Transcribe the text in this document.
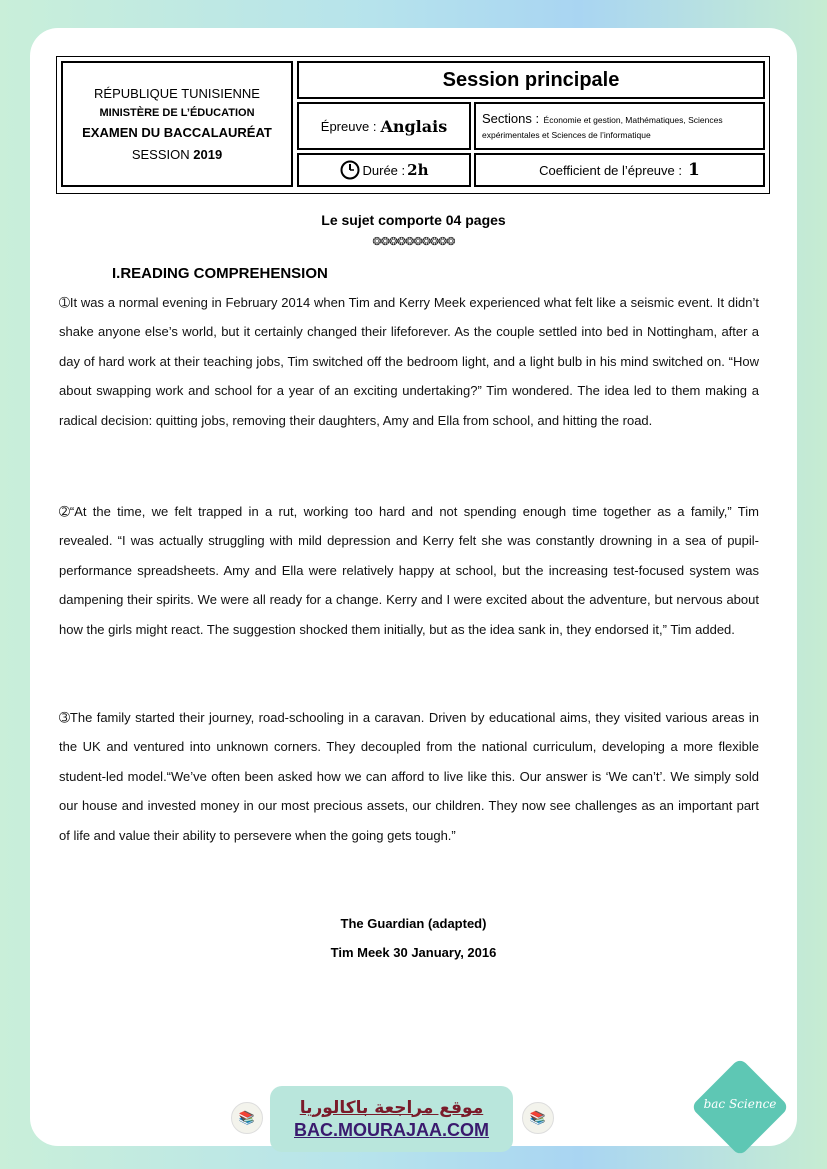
RÉPUBLIQUE TUNISIENNE
MINISTÈRE DE L’ÉDUCATION
EXAMEN DU BACCALAURÉAT
SESSION 2019
Session principale
Épreuve : Anglais	Sections : Économie et gestion, Mathématiques, Sciences expérimentales et Sciences de l’informatique
Durée : 2h	Coefficient de l’épreuve : 1
Le sujet comporte 04 pages
❂❂❂❂❂❂❂❂❂❂
I.READING COMPREHENSION

➀It was a normal evening in February 2014 when Tim and Kerry Meek experienced what felt like a seismic event. It didn’t shake anyone else’s world, but it certainly changed their lifeforever. As the couple settled into bed in Nottingham, after a day of hard work at their teaching jobs, Tim switched off the bedroom light, and a light bulb in his mind switched on. “How about swapping work and school for a year of an exciting undertaking?” Tim wondered. The idea led to them making a radical decision: quitting jobs, removing their daughters, Amy and Ella from school, and hitting the road.

➁“At the time, we felt trapped in a rut, working too hard and not spending enough time together as a family,” Tim revealed. “I was actually struggling with mild depression and Kerry felt she was constantly drowning in a sea of pupil-performance spreadsheets. Amy and Ella were relatively happy at school, but the increasing test-focused system was dampening their spirits. We were all ready for a change. Kerry and I were excited about the adventure, but nervous about how the girls might react. The suggestion shocked them initially, but as the idea sank in, they endorsed it,” Tim added.

➂The family started their journey, road-schooling in a caravan. Driven by educational aims, they visited various areas in the UK and ventured into unknown corners. They decoupled from the national curriculum, developing a more flexible student-led model.“We’ve often been asked how we can afford to live like this. Our answer is ‘We can’t’. We simply sold our house and invested money in our most precious assets, our children. They now see challenges as an important part of life and value their ability to persevere when the going gets tough.”

The Guardian (adapted)
Tim Meek 30 January, 2016
📚
موقع مراجعة باكالوريا
BAC.MOURAJAA.COM
📚
bac Science
